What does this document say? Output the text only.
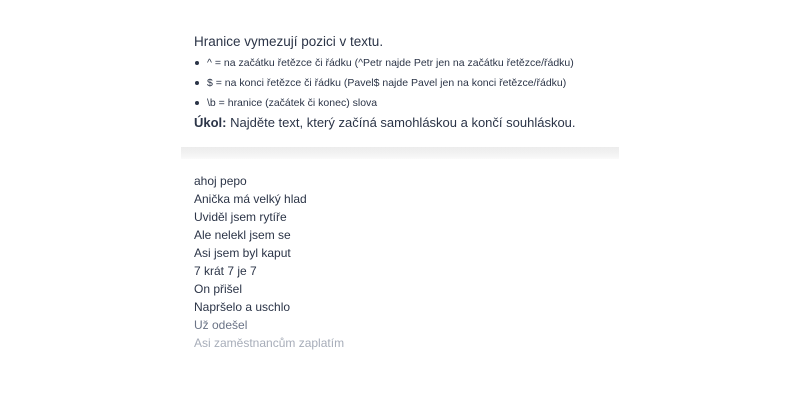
Hranice vymezují pozici v textu.

^ = na začátku řetězce či řádku (^Petr najde Petr jen na začátku řetězce/řádku)
$ = na konci řetězce či řádku (Pavel$ najde Pavel jen na konci řetězce/řádku)
\b = hranice (začátek či konec) slova

Úkol: Najděte text, který začíná samohláskou a končí souhláskou.

ahoj pepo
Anička má velký hlad
Uviděl jsem rytíře
Ale nelekl jsem se
Asi jsem byl kaput
7 krát 7 je 7
On přišel
Napršelo a uschlo
Už odešel
Asi zaměstnancům zaplatím
